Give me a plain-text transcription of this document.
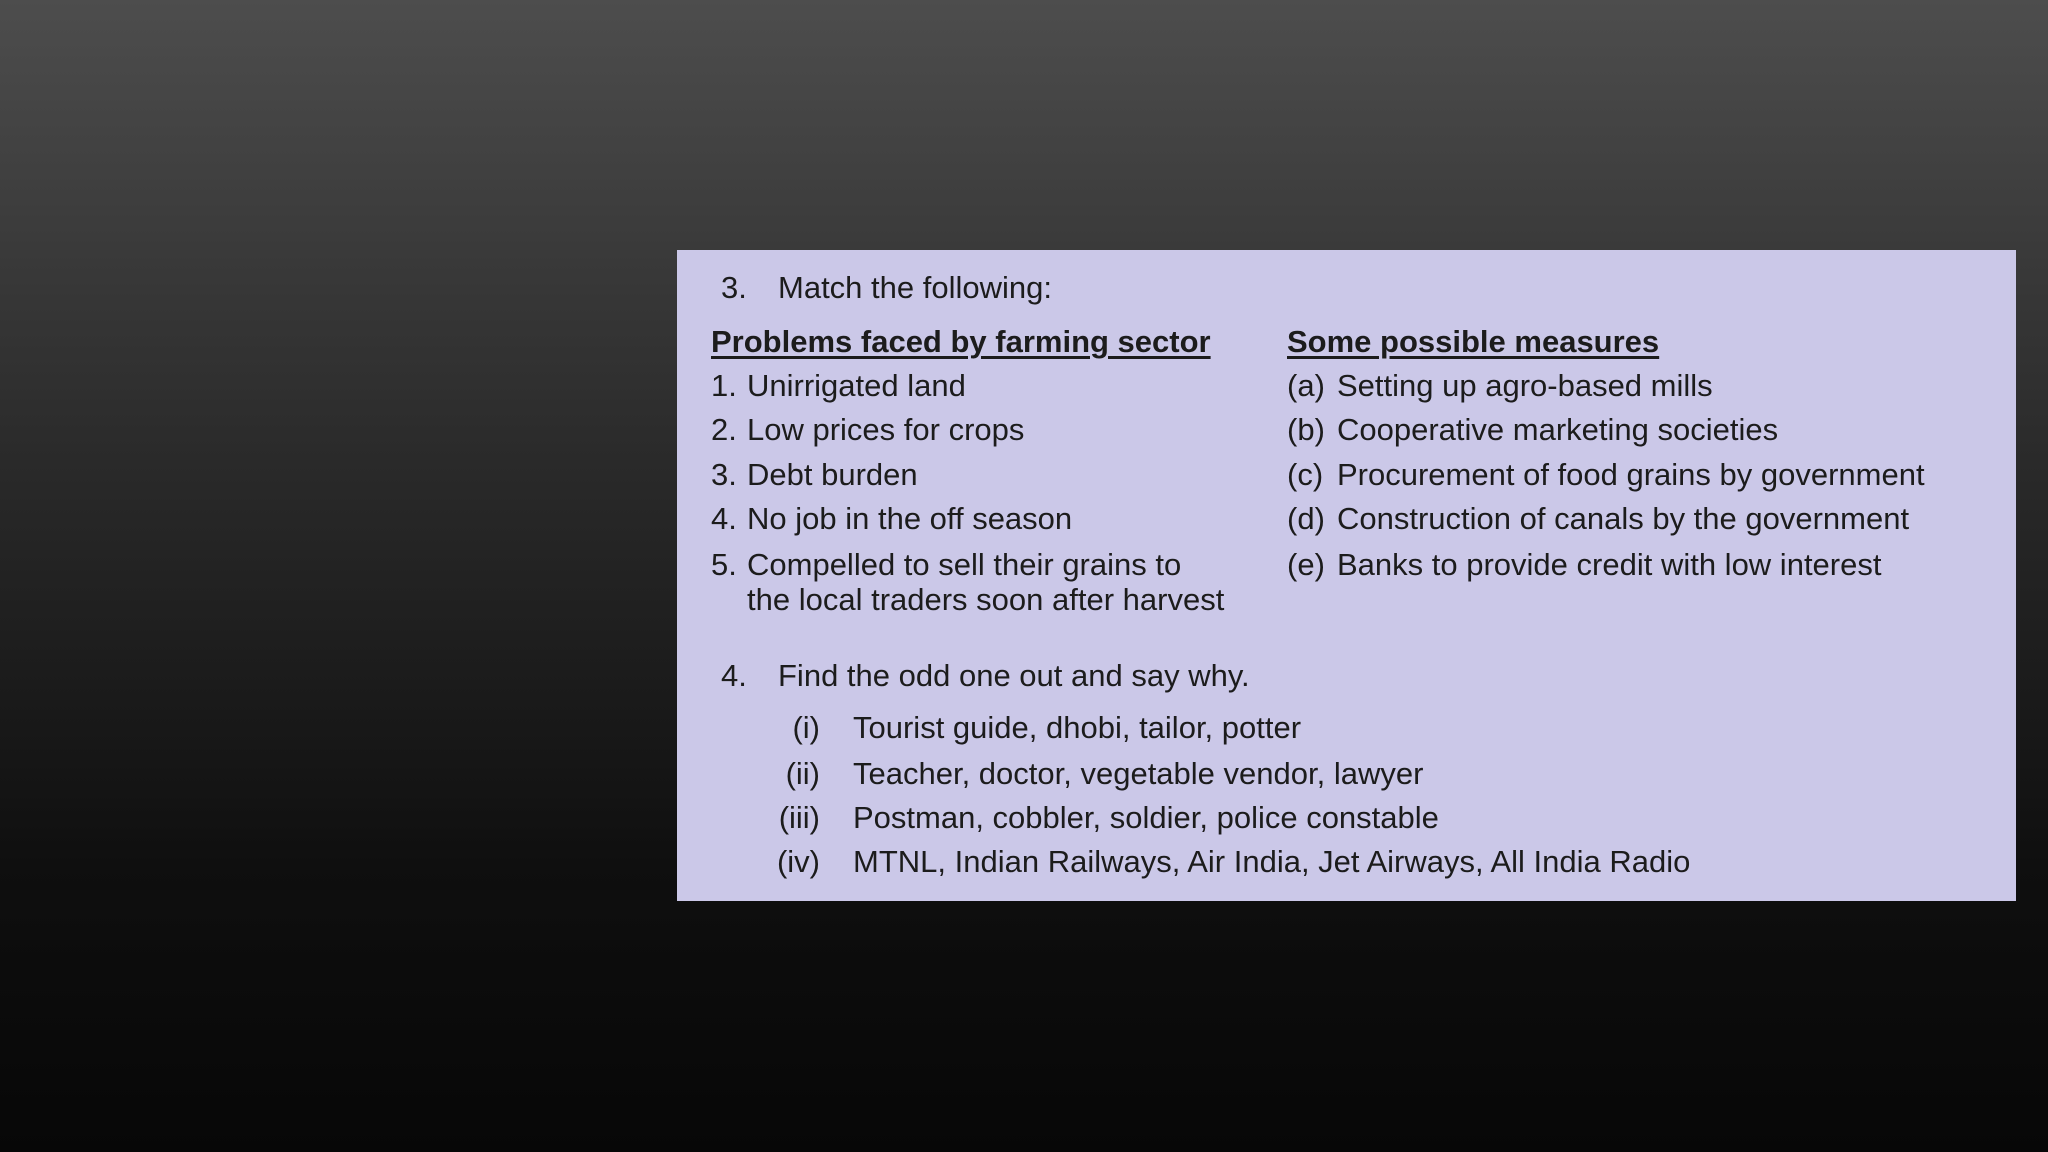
3. Match the following:
Problems faced by farming sector Some possible measures
1. Unirrigated land
2. Low prices for crops
3. Debt burden
4. No job in the off season
5. Compelled to sell their grains to
the local traders soon after harvest
(a) Setting up agro-based mills
(b) Cooperative marketing societies
(c) Procurement of food grains by government
(d) Construction of canals by the government
(e) Banks to provide credit with low interest
4. Find the odd one out and say why.
(i) Tourist guide, dhobi, tailor, potter
(ii) Teacher, doctor, vegetable vendor, lawyer
(iii) Postman, cobbler, soldier, police constable
(iv) MTNL, Indian Railways, Air India, Jet Airways, All India Radio
